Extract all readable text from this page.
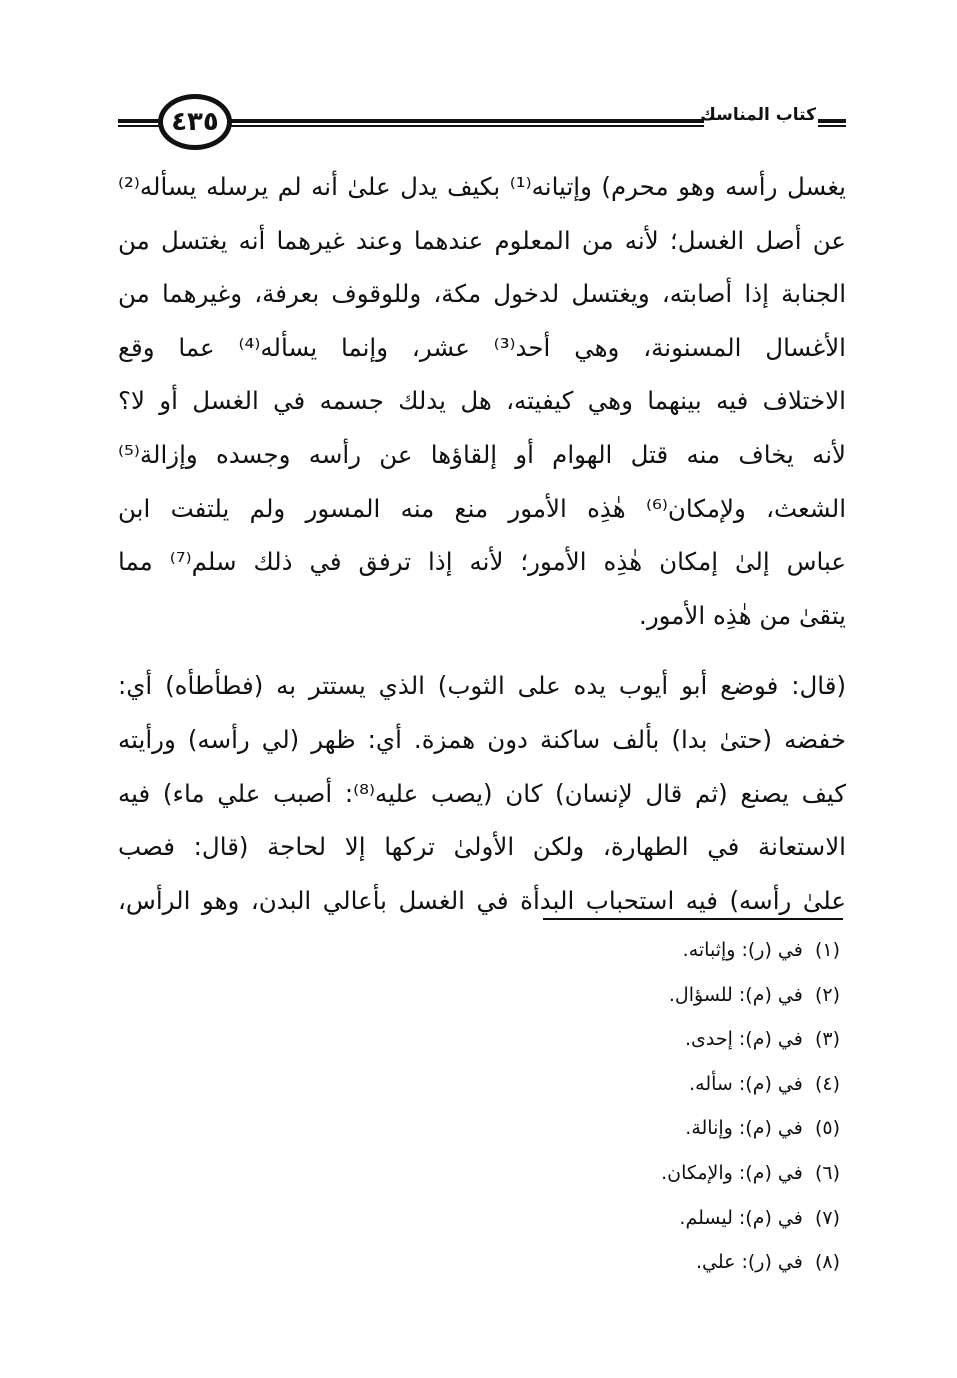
٤٣٥	كتاب المناسك
يغسل رأسه وهو محرم) وإتيانه⁽¹⁾ بكيف يدل علىٰ أنه لم يرسله يسأله⁽²⁾
عن أصل الغسل؛ لأنه من المعلوم عندهما وعند غيرهما أنه يغتسل من
الجنابة إذا أصابته، ويغتسل لدخول مكة، وللوقوف بعرفة، وغيرهما من
الأغسال المسنونة، وهي أحد⁽³⁾ عشر، وإنما يسأله⁽⁴⁾ عما وقع
الاختلاف فيه بينهما وهي كيفيته، هل يدلك جسمه في الغسل أو لا؟
لأنه يخاف منه قتل الهوام أو إلقاؤها عن رأسه وجسده وإزالة⁽⁵⁾
الشعث، ولإمكان⁽⁶⁾ هٰذِه الأمور منع منه المسور ولم يلتفت ابن
عباس إلىٰ إمكان هٰذِه الأمور؛ لأنه إذا ترفق في ذلك سلم⁽⁷⁾ مما
يتقىٰ من هٰذِه الأمور.
(قال: فوضع أبو أيوب يده على الثوب) الذي يستتر به (فطأطأه) أي:
خفضه (حتىٰ بدا) بألف ساكنة دون همزة. أي: ظهر (لي رأسه) ورأيته
كيف يصنع (ثم قال لإنسان) كان (يصب عليه⁽⁸⁾: أصبب علي ماء) فيه
الاستعانة في الطهارة، ولكن الأولىٰ تركها إلا لحاجة (قال: فصب
علىٰ رأسه) فيه استحباب البدأة في الغسل بأعالي البدن، وهو الرأس،
(١)  في (ر): وإثباته.
(٢)  في (م): للسؤال.
(٣)  في (م): إحدى.
(٤)  في (م): سأله.
(٥)  في (م): وإنالة.
(٦)  في (م): والإمكان.
(٧)  في (م): ليسلم.
(٨)  في (ر): علي.
